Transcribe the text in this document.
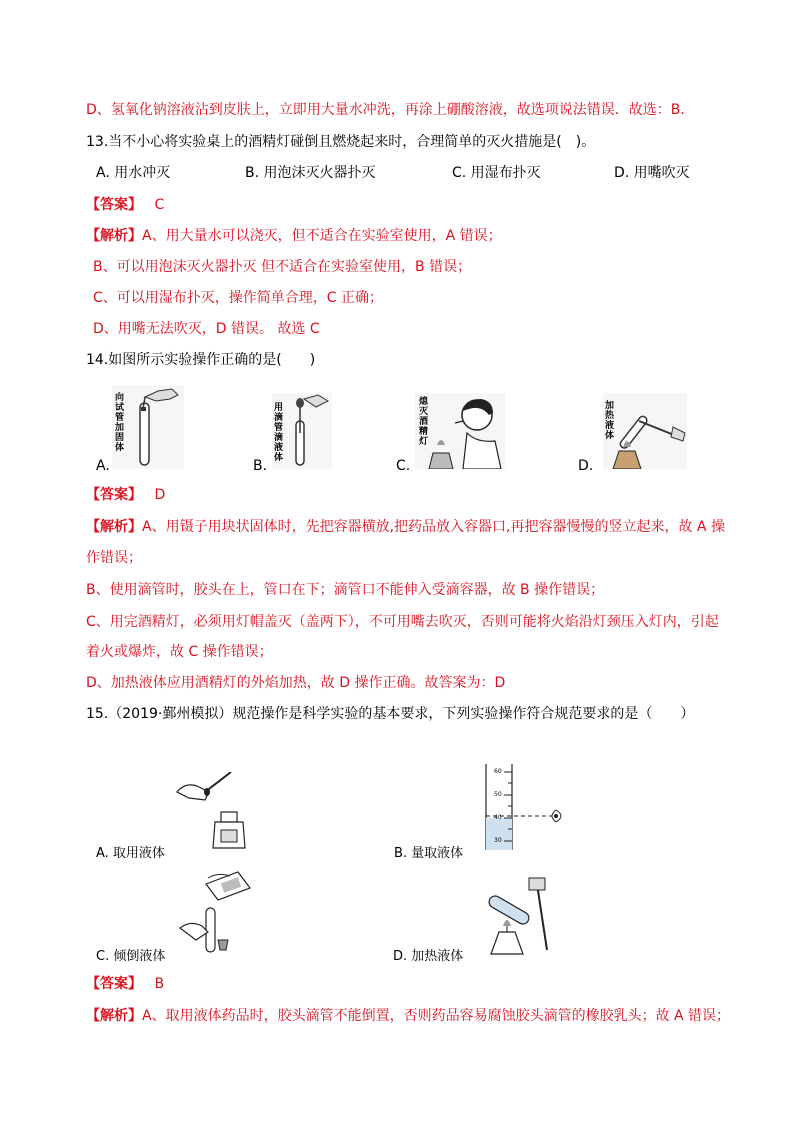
D、氢氧化钠溶液沾到皮肤上，立即用大量水冲洗，再涂上硼酸溶液，故选项说法错误．故选：B．
13.当不小心将实验桌上的酒精灯碰倒且燃烧起来时，合理简单的灭火措施是(　)。
A. 用水冲灭	B. 用泡沫灭火器扑灭	C. 用湿布扑灭	D. 用嘴吹灭
【答案】 C
【解析】A、用大量水可以浇灭，但不适合在实验室使用，A 错误；
B、可以用泡沫灭火器扑灭 但不适合在实验室使用，B 错误；
C、可以用湿布扑灭，操作简单合理，C 正确；
D、用嘴无法吹灭，D 错误。 故选 C
14.如图所示实验操作正确的是(　　)
向试管加固体
A.
用滴管滴液体
B.
熄灭酒精灯
C.
加热液体
D.
【答案】 D
【解析】A、用镊子用块状固体时，先把容器横放,把药品放入容器口,再把容器慢慢的竖立起来，故 A 操
作错误；
B、使用滴管时，胶头在上，管口在下；滴管口不能伸入受滴容器，故 B 操作错误；
C、用完酒精灯，必须用灯帽盖灭（盖两下），不可用嘴去吹灭，否则可能将火焰沿灯颈压入灯内，引起
着火或爆炸，故 C 操作错误；
D、加热液体应用酒精灯的外焰加热，故 D 操作正确。故答案为：D
15.（2019·鄞州模拟）规范操作是科学实验的基本要求，下列实验操作符合规范要求的是（　　）
A. 取用液体
60
50
40
30
B. 量取液体
C. 倾倒液体	D. 加热液体
【答案】 B
【解析】A、取用液体药品时，胶头滴管不能倒置，否则药品容易腐蚀胶头滴管的橡胶乳头；故 A 错误；
